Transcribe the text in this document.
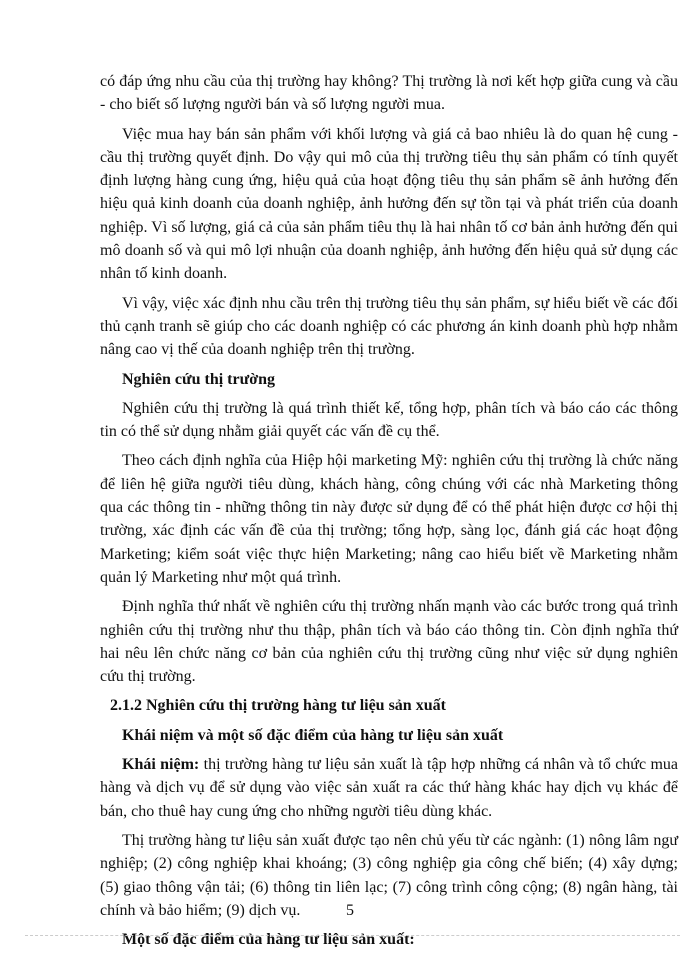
có đáp ứng nhu cầu của thị trường hay không? Thị trường là nơi kết hợp giữa cung và cầu - cho biết số lượng người bán và số lượng người mua.

Việc mua hay bán sản phẩm với khối lượng và giá cả bao nhiêu là do quan hệ cung - cầu thị trường quyết định. Do vậy qui mô của thị trường tiêu thụ sản phẩm có tính quyết định lượng hàng cung ứng, hiệu quả của hoạt động tiêu thụ sản phẩm sẽ ảnh hưởng đến hiệu quả kinh doanh của doanh nghiệp, ảnh hưởng đến sự tồn tại và phát triển của doanh nghiệp. Vì số lượng, giá cả của sản phẩm tiêu thụ là hai nhân tố cơ bản ảnh hưởng đến qui mô doanh số và qui mô lợi nhuận của doanh nghiệp, ảnh hưởng đến hiệu quả sử dụng các nhân tố kinh doanh.

Vì vậy, việc xác định nhu cầu trên thị trường tiêu thụ sản phẩm, sự hiểu biết về các đối thủ cạnh tranh sẽ giúp cho các doanh nghiệp có các phương án kinh doanh phù hợp nhằm nâng cao vị thế của doanh nghiệp trên thị trường.

Nghiên cứu thị trường

Nghiên cứu thị trường là quá trình thiết kế, tổng hợp, phân tích và báo cáo các thông tin có thể sử dụng nhằm giải quyết các vấn đề cụ thể.

Theo cách định nghĩa của Hiệp hội marketing Mỹ: nghiên cứu thị trường là chức năng để liên hệ giữa người tiêu dùng, khách hàng, công chúng với các nhà Marketing thông qua các thông tin - những thông tin này được sử dụng để có thể phát hiện được cơ hội thị trường, xác định các vấn đề của thị trường; tổng hợp, sàng lọc, đánh giá các hoạt động Marketing; kiểm soát việc thực hiện Marketing; nâng cao hiểu biết về Marketing nhằm quản lý Marketing như một quá trình.

Định nghĩa thứ nhất về nghiên cứu thị trường nhấn mạnh vào các bước trong quá trình nghiên cứu thị trường như thu thập, phân tích và báo cáo thông tin. Còn định nghĩa thứ hai nêu lên chức năng cơ bản của nghiên cứu thị trường cũng như việc sử dụng nghiên cứu thị trường.

2.1.2 Nghiên cứu thị trường hàng tư liệu sản xuất
Khái niệm và một số đặc điểm của hàng tư liệu sản xuất

Khái niệm: thị trường hàng tư liệu sản xuất là tập hợp những cá nhân và tổ chức mua hàng và dịch vụ để sử dụng vào việc sản xuất ra các thứ hàng khác hay dịch vụ khác để bán, cho thuê hay cung ứng cho những người tiêu dùng khác.

Thị trường hàng tư liệu sản xuất được tạo nên chủ yếu từ các ngành: (1) nông lâm ngư nghiệp; (2) công nghiệp khai khoáng; (3) công nghiệp gia công chế biến; (4) xây dựng; (5) giao thông vận tải; (6) thông tin liên lạc; (7) công trình công cộng; (8) ngân hàng, tài chính và bảo hiểm; (9) dịch vụ.

Một số đặc điểm của hàng tư liệu sản xuất:
5
